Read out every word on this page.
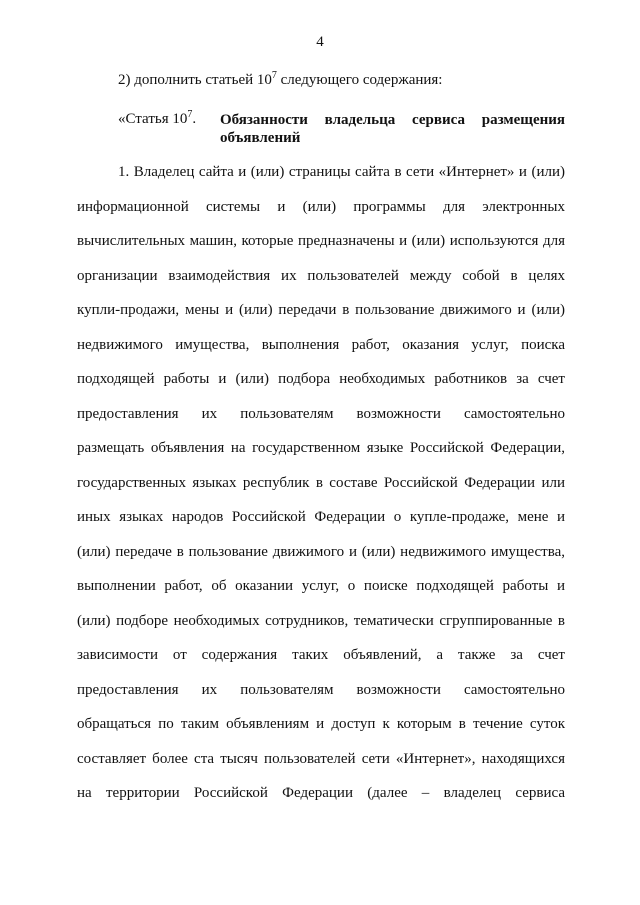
4
2) дополнить статьей $10^7$ следующего содержания:
«Статья $10^7$. Обязанности владельца сервиса размещения объявлений
1. Владелец сайта и (или) страницы сайта в сети «Интернет» и (или)
информационной системы и (или) программы для электронных
вычислительных машин, которые предназначены и (или) используются для
организации взаимодействия их пользователей между собой в целях
купли-продажи, мены и (или) передачи в пользование движимого и (или)
недвижимого имущества, выполнения работ, оказания услуг, поиска
подходящей работы и (или) подбора необходимых работников за счет
предоставления их пользователям возможности самостоятельно
размещать объявления на государственном языке Российской Федерации,
государственных языках республик в составе Российской Федерации или
иных языках народов Российской Федерации о купле-продаже, мене и
(или) передаче в пользование движимого и (или) недвижимого имущества,
выполнении работ, об оказании услуг, о поиске подходящей работы и
(или) подборе необходимых сотрудников, тематически сгруппированные в
зависимости от содержания таких объявлений, а также за счет
предоставления их пользователям возможности самостоятельно
обращаться по таким объявлениям и доступ к которым в течение суток
составляет более ста тысяч пользователей сети «Интернет», находящихся
на территории Российской Федерации (далее – владелец сервиса
